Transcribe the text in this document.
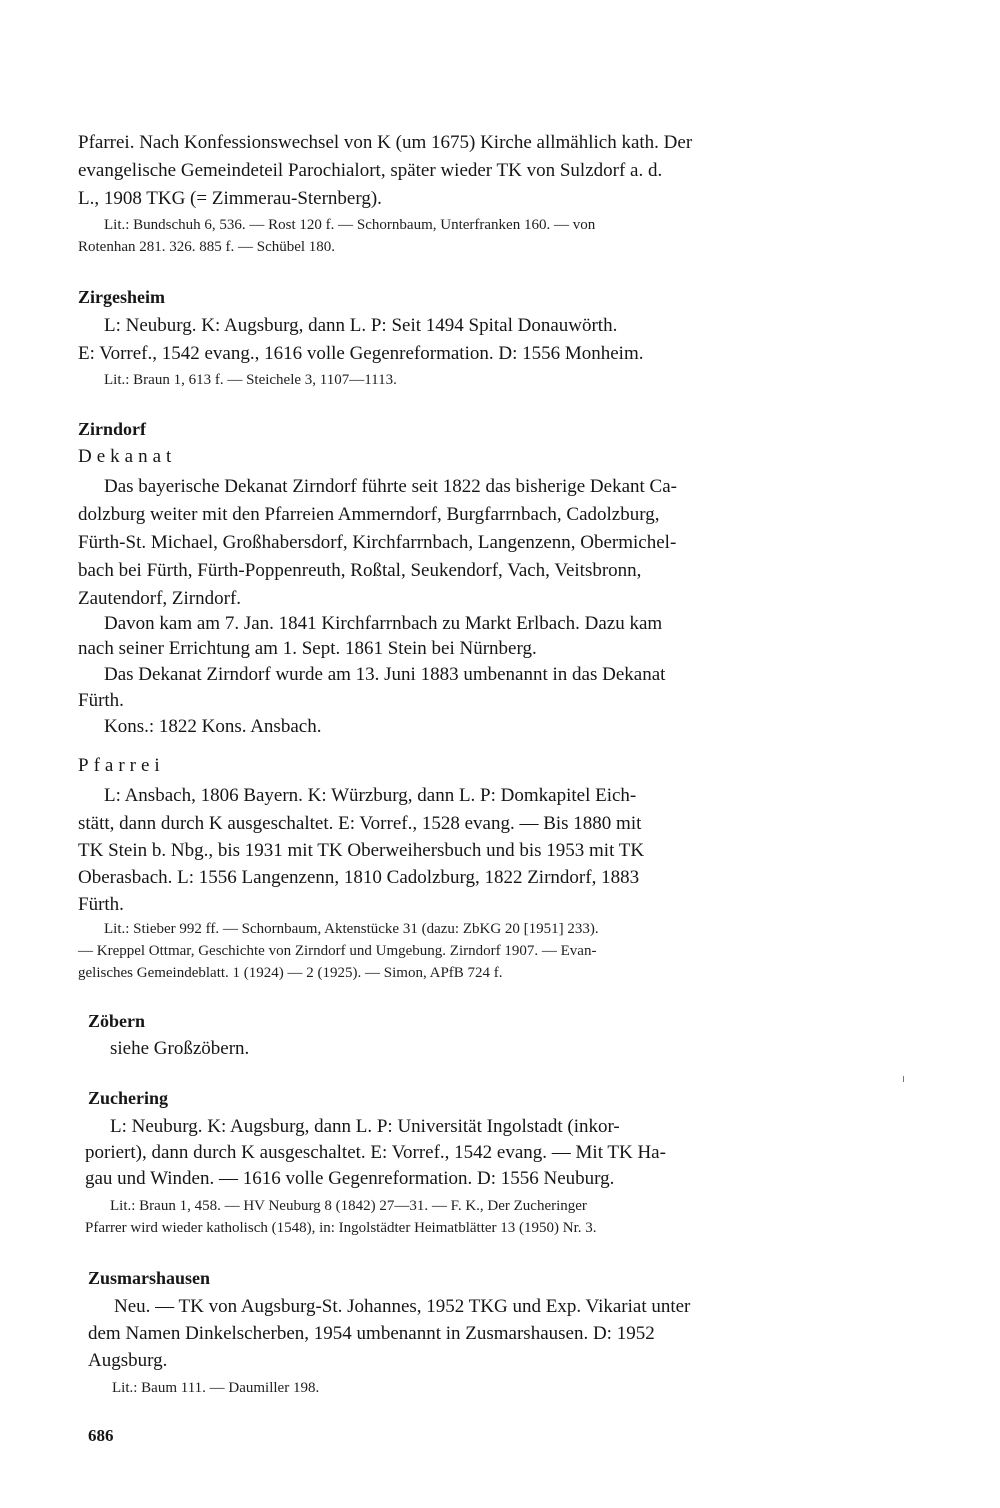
Pfarrei. Nach Konfessionswechsel von K (um 1675) Kirche allmählich kath. Der
evangelische Gemeindeteil Parochialort, später wieder TK von Sulzdorf a. d.
L., 1908 TKG (= Zimmerau-Sternberg).
Lit.: Bundschuh 6, 536. — Rost 120 f. — Schornbaum, Unterfranken 160. — von
Rotenhan 281. 326. 885 f. — Schübel 180.
Zirgesheim
L: Neuburg. K: Augsburg, dann L. P: Seit 1494 Spital Donauwörth.
E: Vorref., 1542 evang., 1616 volle Gegenreformation. D: 1556 Monheim.
Lit.: Braun 1, 613 f. — Steichele 3, 1107—1113.
Zirndorf
Dekanat
Das bayerische Dekanat Zirndorf führte seit 1822 das bisherige Dekant Ca-
dolzburg weiter mit den Pfarreien Ammerndorf, Burgfarrnbach, Cadolzburg,
Fürth-St. Michael, Großhabersdorf, Kirchfarrnbach, Langenzenn, Obermichel-
bach bei Fürth, Fürth-Poppenreuth, Roßtal, Seukendorf, Vach, Veitsbronn,
Zautendorf, Zirndorf.
Davon kam am 7. Jan. 1841 Kirchfarrnbach zu Markt Erlbach. Dazu kam
nach seiner Errichtung am 1. Sept. 1861 Stein bei Nürnberg.
Das Dekanat Zirndorf wurde am 13. Juni 1883 umbenannt in das Dekanat
Fürth.
Kons.: 1822 Kons. Ansbach.
Pfarrei
L: Ansbach, 1806 Bayern. K: Würzburg, dann L. P: Domkapitel Eich-
stätt, dann durch K ausgeschaltet. E: Vorref., 1528 evang. — Bis 1880 mit
TK Stein b. Nbg., bis 1931 mit TK Oberweihersbuch und bis 1953 mit TK
Oberasbach. L: 1556 Langenzenn, 1810 Cadolzburg, 1822 Zirndorf, 1883
Fürth.
Lit.: Stieber 992 ff. — Schornbaum, Aktenstücke 31 (dazu: ZbKG 20 [1951] 233).
— Kreppel Ottmar, Geschichte von Zirndorf und Umgebung. Zirndorf 1907. — Evan-
gelisches Gemeindeblatt. 1 (1924) — 2 (1925). — Simon, APfB 724 f.
Zöbern
siehe Großzöbern.
Zuchering
L: Neuburg. K: Augsburg, dann L. P: Universität Ingolstadt (inkor-
poriert), dann durch K ausgeschaltet. E: Vorref., 1542 evang. — Mit TK Ha-
gau und Winden. — 1616 volle Gegenreformation. D: 1556 Neuburg.
Lit.: Braun 1, 458. — HV Neuburg 8 (1842) 27—31. — F. K., Der Zucheringer
Pfarrer wird wieder katholisch (1548), in: Ingolstädter Heimatblätter 13 (1950) Nr. 3.
Zusmarshausen
Neu. — TK von Augsburg-St. Johannes, 1952 TKG und Exp. Vikariat unter
dem Namen Dinkelscherben, 1954 umbenannt in Zusmarshausen. D: 1952
Augsburg.
Lit.: Baum 111. — Daumiller 198.
686
